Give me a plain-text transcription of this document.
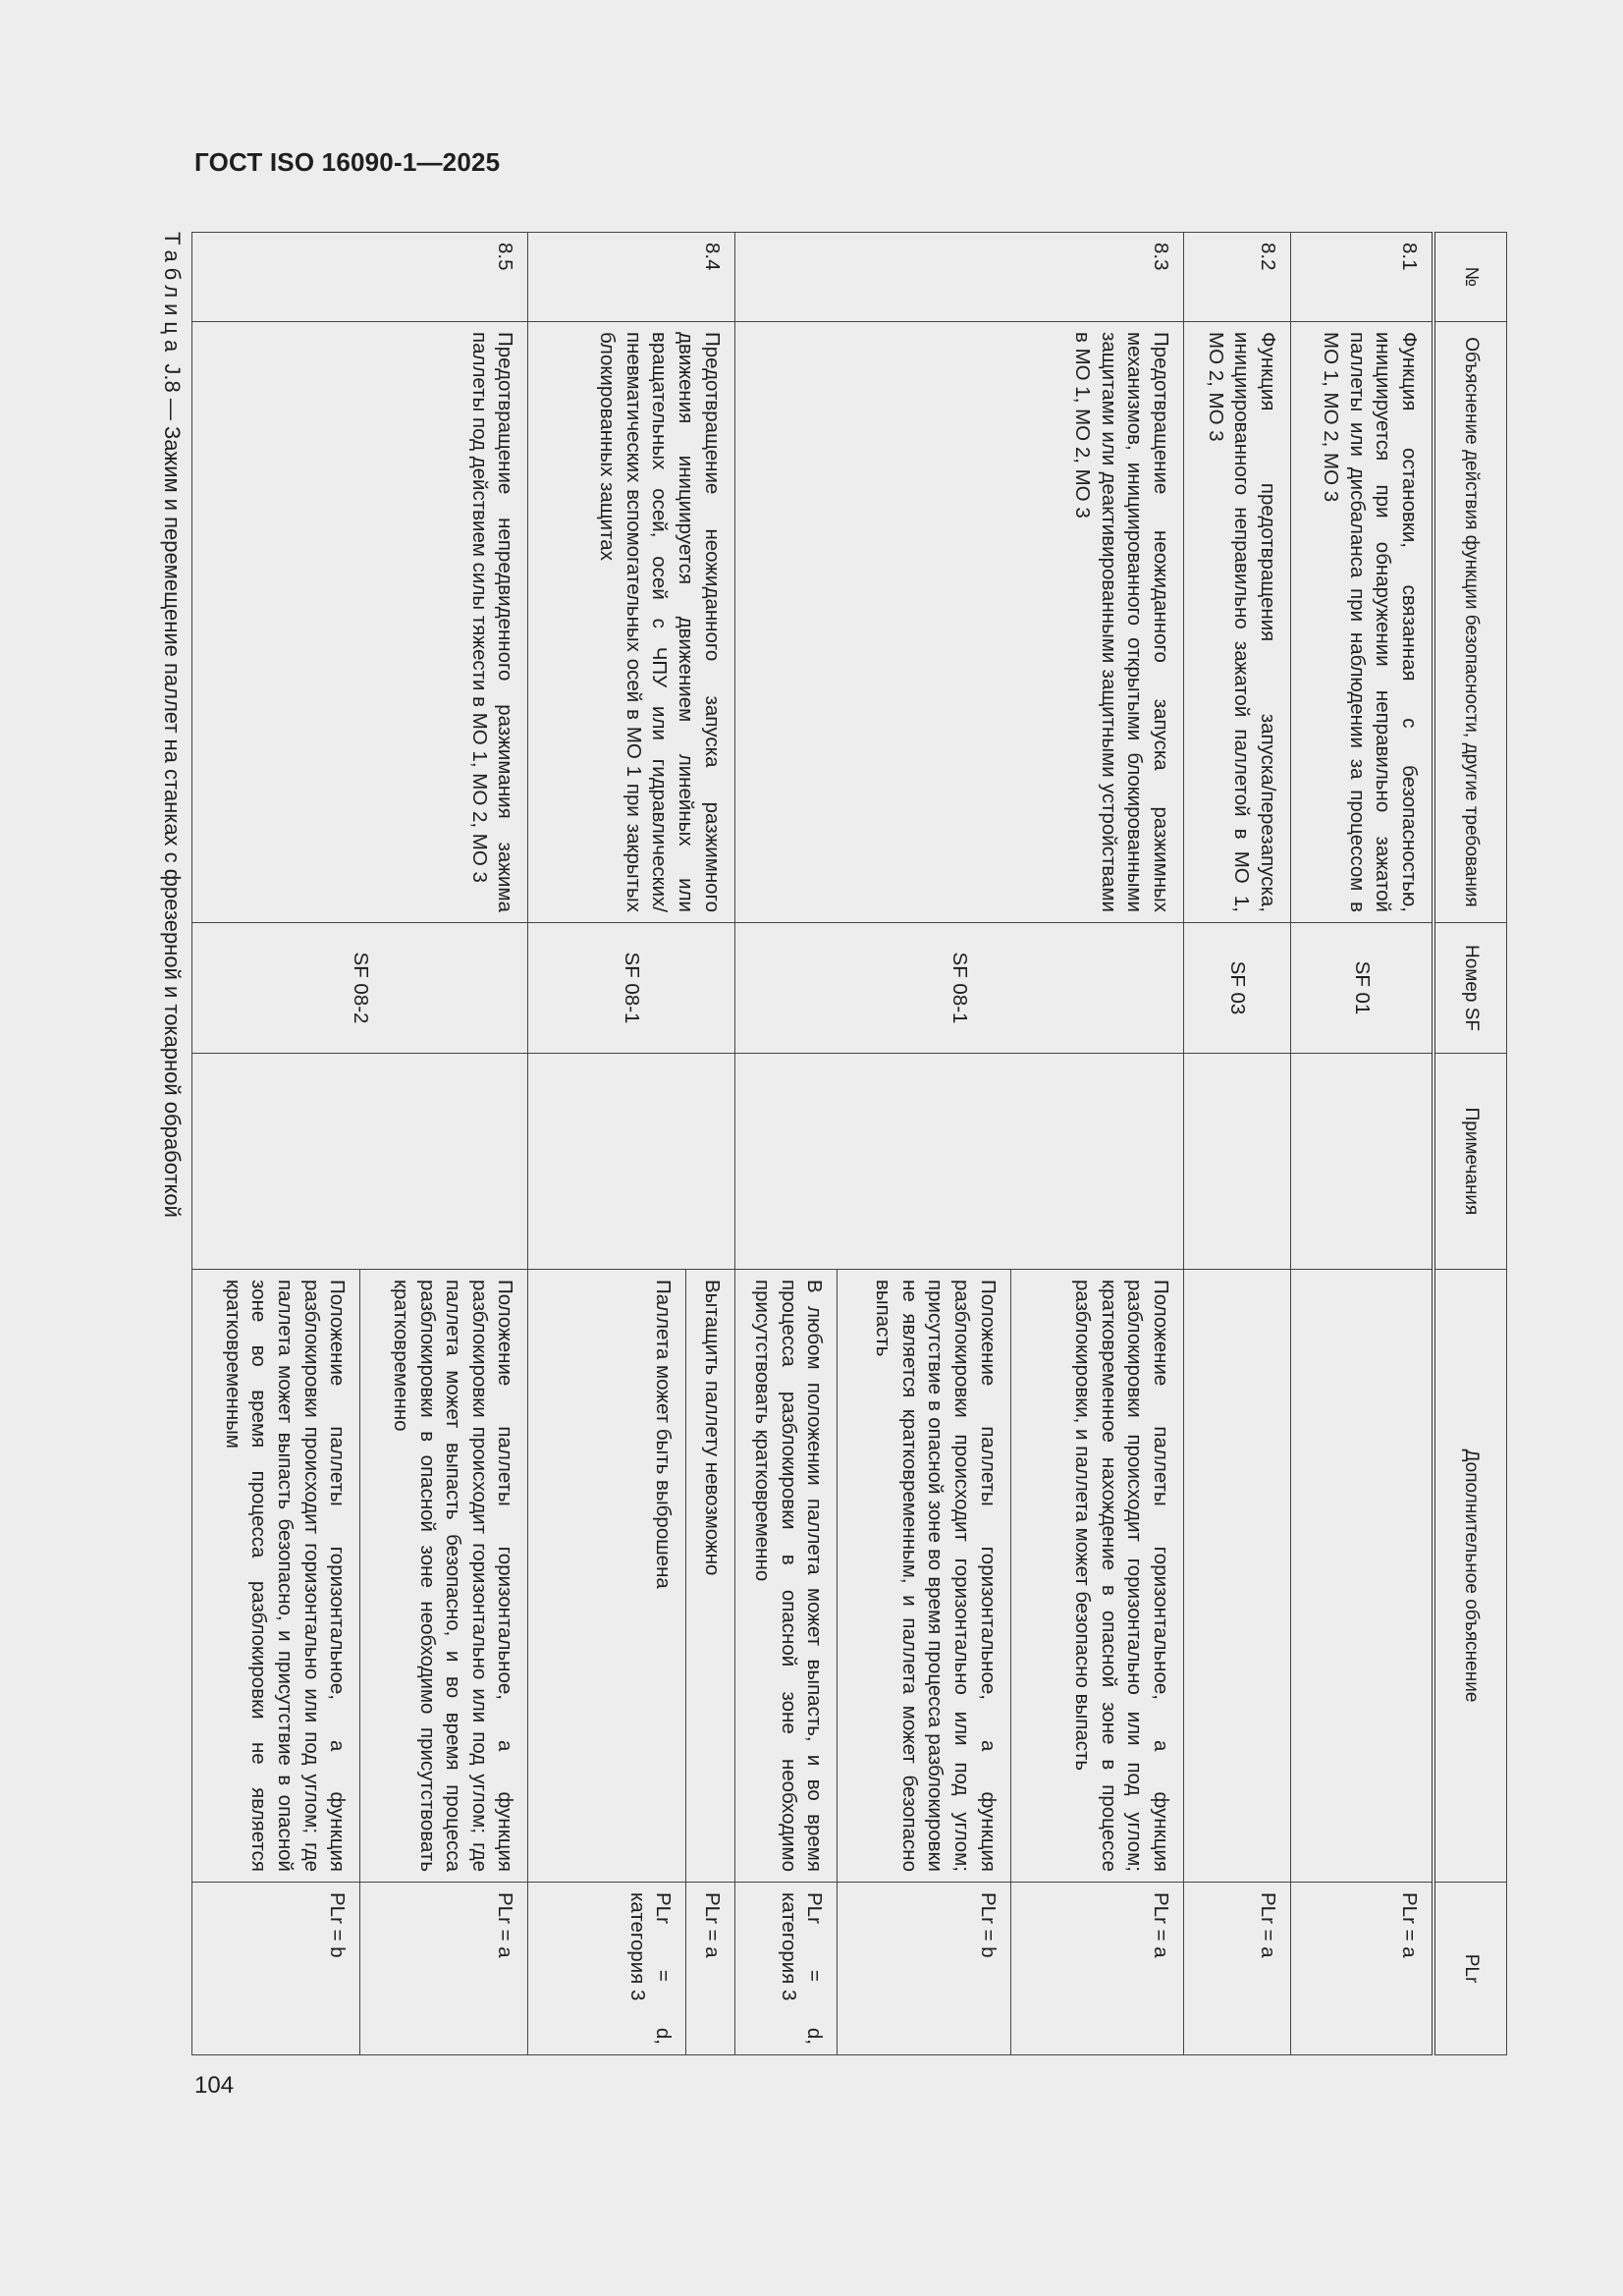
ГОСТ ISO 16090-1—2025

104

№	Объяснение действия функции безопасности, другие требования	Номер SF	Примечания	Дополнительное объяснение	PLr
8.1	Функция остановки, связанная с безопасностью, инициируется при обнаружении неправильно зажатой паллеты или дисбаланса при наблюдении за процессом в МО 1, МО 2, МО 3	SF 01			PLr = a
8.2	Функция предотвращения запуска/перезапуска, инициированного неправильно зажатой паллетой в МО 1, МО 2, МО 3	SF 03			PLr = a
8.3	Предотвращение неожиданного запуска разжимных механизмов, инициированного открытыми блокированными защитами или деактивированными защитными устройствами в МО 1, МО 2, МО 3	SF 08-1		Положение паллеты горизонтальное, а функция разблокировки происходит горизонтально или под углом; кратковременное нахождение в опасной зоне в процессе разблокировки, и паллета может безопасно выпасть	PLr = a
				Положение паллеты горизонтальное, а функция разблокировки происходит горизонтально или под углом; присутствие в опасной зоне во время процесса разблокировки не является кратковременным, и паллета может безопасно выпасть	PLr = b
				В любом положении паллета может выпасть, и во время процесса разблокировки в опасной зоне необходимо присутствовать кратковременно	PLr = d, категория 3
8.4	Предотвращение неожиданного запуска разжимного движения инициируется движением линейных или вращательных осей, осей с ЧПУ или гидравлических/пневматических вспомогательных осей в МО 1 при закрытых блокированных защитах	SF 08-1		Вытащить паллету невозможно	PLr = a
				Паллета может быть выброшена	PLr = d, категория 3
8.5	Предотвращение непредвиденного разжимания зажима паллеты под действием силы тяжести в МО 1, МО 2, МО 3	SF 08-2		Положение паллеты горизонтальное, а функция разблокировки происходит горизонтально или под углом; где паллета может выпасть безопасно, и во время процесса разблокировки в опасной зоне необходимо присутствовать кратковременно	PLr = a
				Положение паллеты горизонтальное, а функция разблокировки происходит горизонтально или под углом; где паллета может выпасть безопасно, и присутствие в опасной зоне во время процесса разблокировки не является кратковременным	PLr = b

Таблица J.8 — Зажим и перемещение паллет на станках с фрезерной и токарной обработкой
